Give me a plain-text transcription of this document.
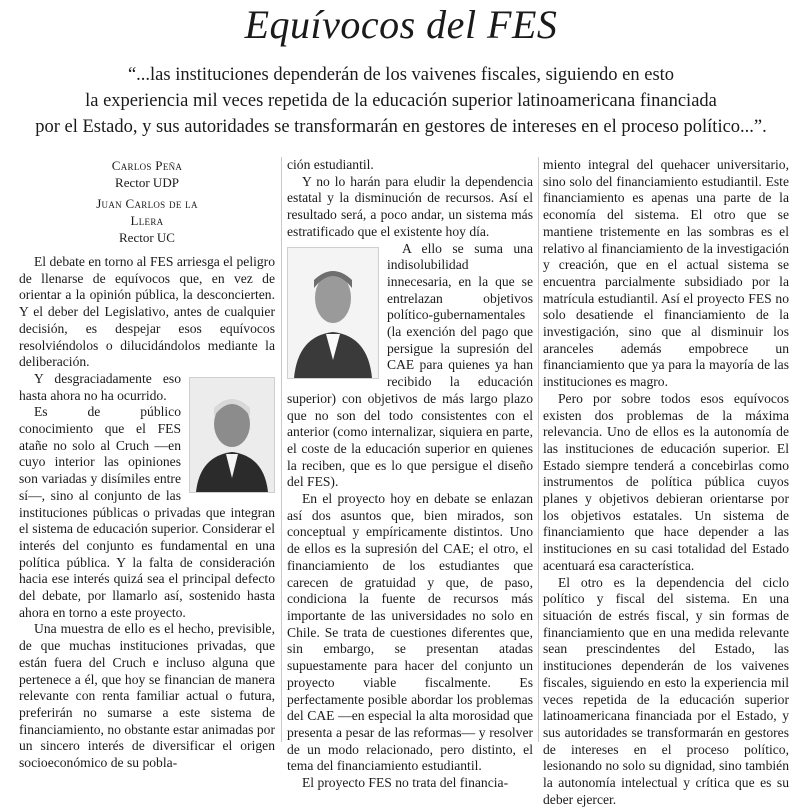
Equívocos del FES
“...las instituciones dependerán de los vaivenes fiscales, siguiendo en esto
la experiencia mil veces repetida de la educación superior latinoamericana financiada
por el Estado, y sus autoridades se transformarán en gestores de intereses en el proceso político...”.
Carlos Peña
Rector UDP
Juan Carlos de la Llera
Rector UC

El debate en torno al FES arriesga el peligro de llenarse de equívocos que, en vez de orientar a la opinión pública, la desconcierten. Y el deber del Legislativo, antes de cualquier decisión, es despejar esos equívocos resolviéndolos o dilucidándolos mediante la deliberación.

Y desgraciadamente eso hasta ahora no ha ocurrido.

Es de público conocimiento que el FES atañe no solo al Cruch —en cuyo interior las opiniones son variadas y disímiles entre sí—, sino al conjunto de las instituciones públicas o privadas que integran el sistema de educación superior. Considerar el interés del conjunto es fundamental en una política pública. Y la falta de consideración hacia ese interés quizá sea el principal defecto del debate, por llamarlo así, sostenido hasta ahora en torno a este proyecto.

Una muestra de ello es el hecho, previsible, de que muchas instituciones privadas, que están fuera del Cruch e incluso alguna que pertenece a él, que hoy se financian de manera relevante con renta familiar actual o futura, preferirán no sumarse a este sistema de financiamiento, no obstante estar animadas por un sincero interés de diversificar el origen socioeconómico de su pobla-

ción estudiantil.

Y no lo harán para eludir la dependencia estatal y la disminución de recursos. Así el resultado será, a poco andar, un sistema más estratificado que el existente hoy día.

A ello se suma una indisolubilidad innecesaria, en la que se entrelazan objetivos político-gubernamentales (la exención del pago que persigue la supresión del CAE para quienes ya han recibido la educación superior) con objetivos de más largo plazo que no son del todo consistentes con el anterior (como internalizar, siquiera en parte, el coste de la educación superior en quienes la reciben, que es lo que persigue el diseño del FES).

En el proyecto hoy en debate se enlazan así dos asuntos que, bien mirados, son conceptual y empíricamente distintos. Uno de ellos es la supresión del CAE; el otro, el financiamiento de los estudiantes que carecen de gratuidad y que, de paso, condiciona la fuente de recursos más importante de las universidades no solo en Chile. Se trata de cuestiones diferentes que, sin embargo, se presentan atadas supuestamente para hacer del conjunto un proyecto viable fiscalmente. Es perfectamente posible abordar los problemas del CAE —en especial la alta morosidad que presenta a pesar de las reformas— y resolver de un modo relacionado, pero distinto, el tema del financiamiento estudiantil.

El proyecto FES no trata del financia-

miento integral del quehacer universitario, sino solo del financiamiento estudiantil. Este financiamiento es apenas una parte de la economía del sistema. El otro que se mantiene tristemente en las sombras es el relativo al financiamiento de la investigación y creación, que en el actual sistema se encuentra parcialmente subsidiado por la matrícula estudiantil. Así el proyecto FES no solo desatiende el financiamiento de la investigación, sino que al disminuir los aranceles además empobrece un financiamiento que ya para la mayoría de las instituciones es magro.

Pero por sobre todos esos equívocos existen dos problemas de la máxima relevancia. Uno de ellos es la autonomía de las instituciones de educación superior. El Estado siempre tenderá a concebirlas como instrumentos de política pública cuyos planes y objetivos debieran orientarse por los objetivos estatales. Un sistema de financiamiento que hace depender a las instituciones en su casi totalidad del Estado acentuará esa característica.

El otro es la dependencia del ciclo político y fiscal del sistema. En una situación de estrés fiscal, y sin formas de financiamiento que en una medida relevante sean prescindentes del Estado, las instituciones dependerán de los vaivenes fiscales, siguiendo en esto la experiencia mil veces repetida de la educación superior latinoamericana financiada por el Estado, y sus autoridades se transformarán en gestores de intereses en el proceso político, lesionando no solo su dignidad, sino también la autonomía intelectual y crítica que es su deber ejercer.
